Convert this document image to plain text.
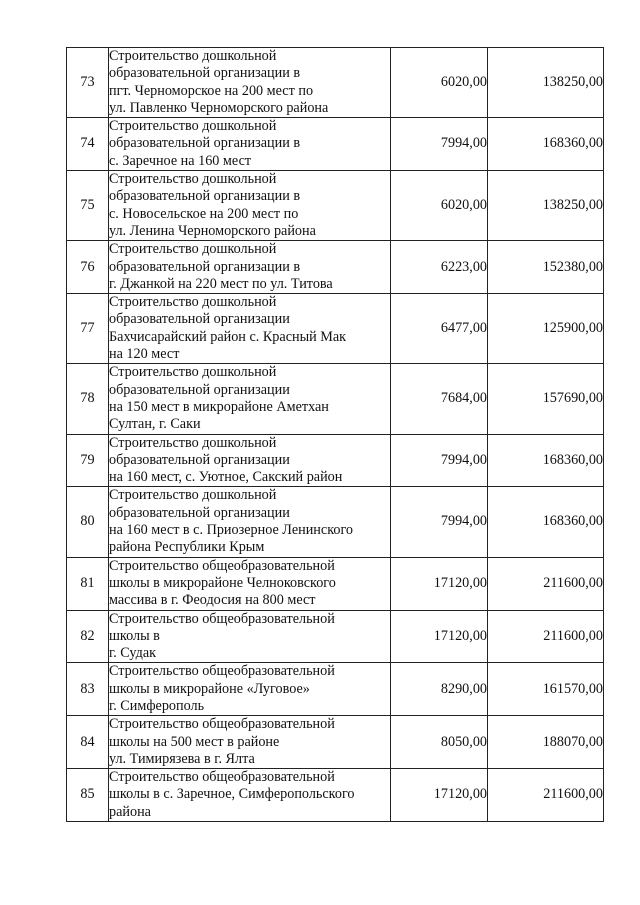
73	Строительство дошкольной
образовательной организации в
пгт. Черноморское на 200 мест по
ул. Павленко Черноморского района	6020,00	138250,00
74	Строительство дошкольной
образовательной организации в
с. Заречное на 160 мест	7994,00	168360,00
75	Строительство дошкольной
образовательной организации в
с. Новосельское на 200 мест по
ул. Ленина Черноморского района	6020,00	138250,00
76	Строительство дошкольной
образовательной организации в
г. Джанкой на 220 мест по ул. Титова	6223,00	152380,00
77	Строительство дошкольной
образовательной организации
Бахчисарайский район с. Красный Мак
на 120 мест	6477,00	125900,00
78	Строительство дошкольной
образовательной организации
на 150 мест в микрорайоне Аметхан
Султан, г. Саки	7684,00	157690,00
79	Строительство дошкольной
образовательной организации
на 160 мест, с. Уютное, Сакский район	7994,00	168360,00
80	Строительство дошкольной
образовательной организации
на 160 мест в с. Приозерное Ленинского
района Республики Крым	7994,00	168360,00
81	Строительство общеобразовательной
школы в микрорайоне Челноковского
массива в г. Феодосия на 800 мест	17120,00	211600,00
82	Строительство общеобразовательной
школы в
г. Судак	17120,00	211600,00
83	Строительство общеобразовательной
школы в микрорайоне «Луговое»
г. Симферополь	8290,00	161570,00
84	Строительство общеобразовательной
школы на 500 мест в районе
ул. Тимирязева в г. Ялта	8050,00	188070,00
85	Строительство общеобразовательной
школы в с. Заречное, Симферопольского
района	17120,00	211600,00
